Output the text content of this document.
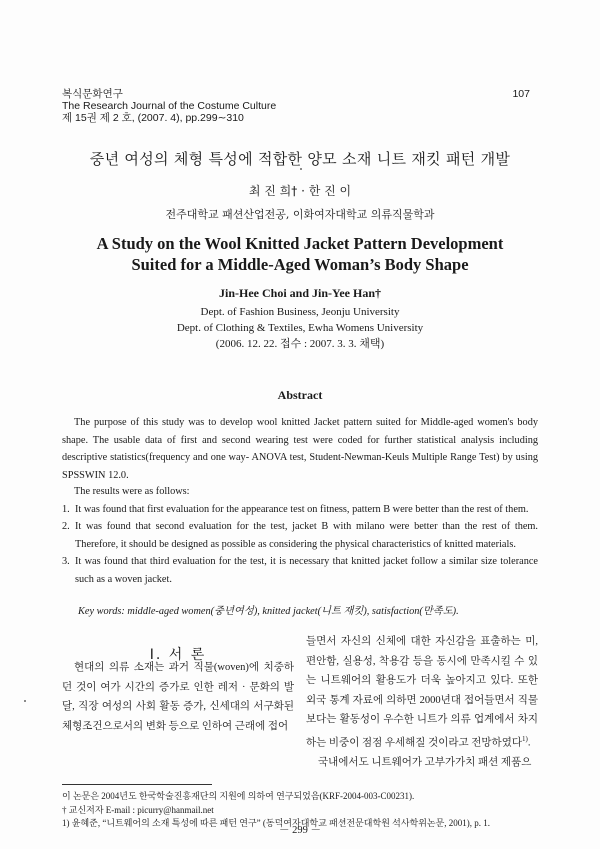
복식문화연구
The Research Journal of the Costume Culture
제 15권 제 2 호, (2007. 4), pp.299∼310
107
중년 여성의 체형 특성에 적합한 양모 소재 니트 재킷 패턴 개발
최 진 희† · 한 진 이
전주대학교 패션산업전공, 이화여자대학교 의류직물학과
A Study on the Wool Knitted Jacket Pattern Development
Suited for a Middle-Aged Woman’s Body Shape
Jin-Hee Choi and Jin-Yee Han†
Dept. of Fashion Business, Jeonju University
Dept. of Clothing & Textiles, Ewha Womens University
(2006. 12. 22. 접수 : 2007. 3. 3. 채택)
Abstract
The purpose of this study was to develop wool knitted Jacket pattern suited for Middle-aged women's body shape. The usable data of first and second wearing test were coded for further statistical analysis including descriptive statistics(frequency and one way- ANOVA test, Student-Newman-Keuls Multiple Range Test) by using SPSSWIN 12.0.
The results were as follows:
1. It was found that first evaluation for the appearance test on fitness, pattern B were better than the rest of them.
2. It was found that second evaluation for the test, jacket B with milano were better than the rest of them. Therefore, it should be designed as possible as considering the physical characteristics of knitted materials.
3. It was found that third evaluation for the test, it is necessary that knitted jacket follow a similar size tolerance such as a woven jacket.
Key words: middle-aged women(중년여성), knitted jacket(니트 재킷), satisfaction(만족도).
Ⅰ. 서 론

현대의 의류 소재는 과거 직물(woven)에 치중하던 것이 여가 시간의 증가로 인한 레저 · 문화의 발달, 직장 여성의 사회 활동 증가, 신세대의 서구화된 체형조건으로서의 변화 등으로 인하여 근래에 접어

들면서 자신의 신체에 대한 자신감을 표출하는 미, 편안함, 실용성, 착용감 등을 동시에 만족시킬 수 있는 니트웨어의 활용도가 더욱 높아지고 있다. 또한 외국 통계 자료에 의하면 2000년대 접어들면서 직물보다는 활동성이 우수한 니트가 의류 업계에서 차지하는 비중이 점점 우세해질 것이라고 전망하였다$^{1)}$.

국내에서도 니트웨어가 고부가가치 패션 제품으

이 논문은 2004년도 한국학술진흥재단의 지원에 의하여 연구되었음(KRF-2004-003-C00231).
† 교신저자 E-mail : picurry@hanmail.net
1) 윤혜준, “니트웨어의 소재 특성에 따른 패턴 연구” (동덕여자대학교 패션전문대학원 석사학위논문, 2001), p. 1.
－ 299 －
